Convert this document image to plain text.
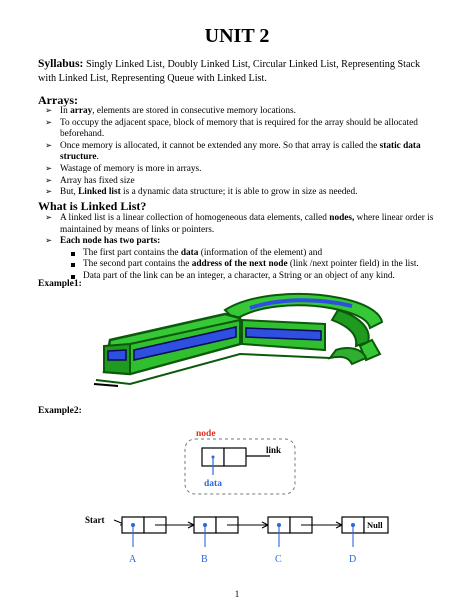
UNIT 2
Syllabus: Singly Linked List, Doubly Linked List, Circular Linked List, Representing Stack with Linked List, Representing Queue with Linked List.
Arrays:
➢ In array, elements are stored in consecutive memory locations.
➢ To occupy the adjacent space, block of memory that is required for the array should be allocated beforehand.
➢ Once memory is allocated, it cannot be extended any more. So that array is called the static data structure.
➢ Wastage of memory is more in arrays.
➢ Array has fixed size
➢ But, Linked list is a dynamic data structure; it is able to grow in size as needed.
What is Linked List?
➢ A linked list is a linear collection of homogeneous data elements, called nodes, where linear order is maintained by means of links or pointers.
➢ Each node has two parts:
The first part contains the data (information of the element) and
The second part contains the address of the next node (link /next pointer field) in the list.
Data part of the link can be an integer, a character, a String or an object of any kind.
Example1:
Example2:
node
link
data
Start	Null
A	B	C	D
1
